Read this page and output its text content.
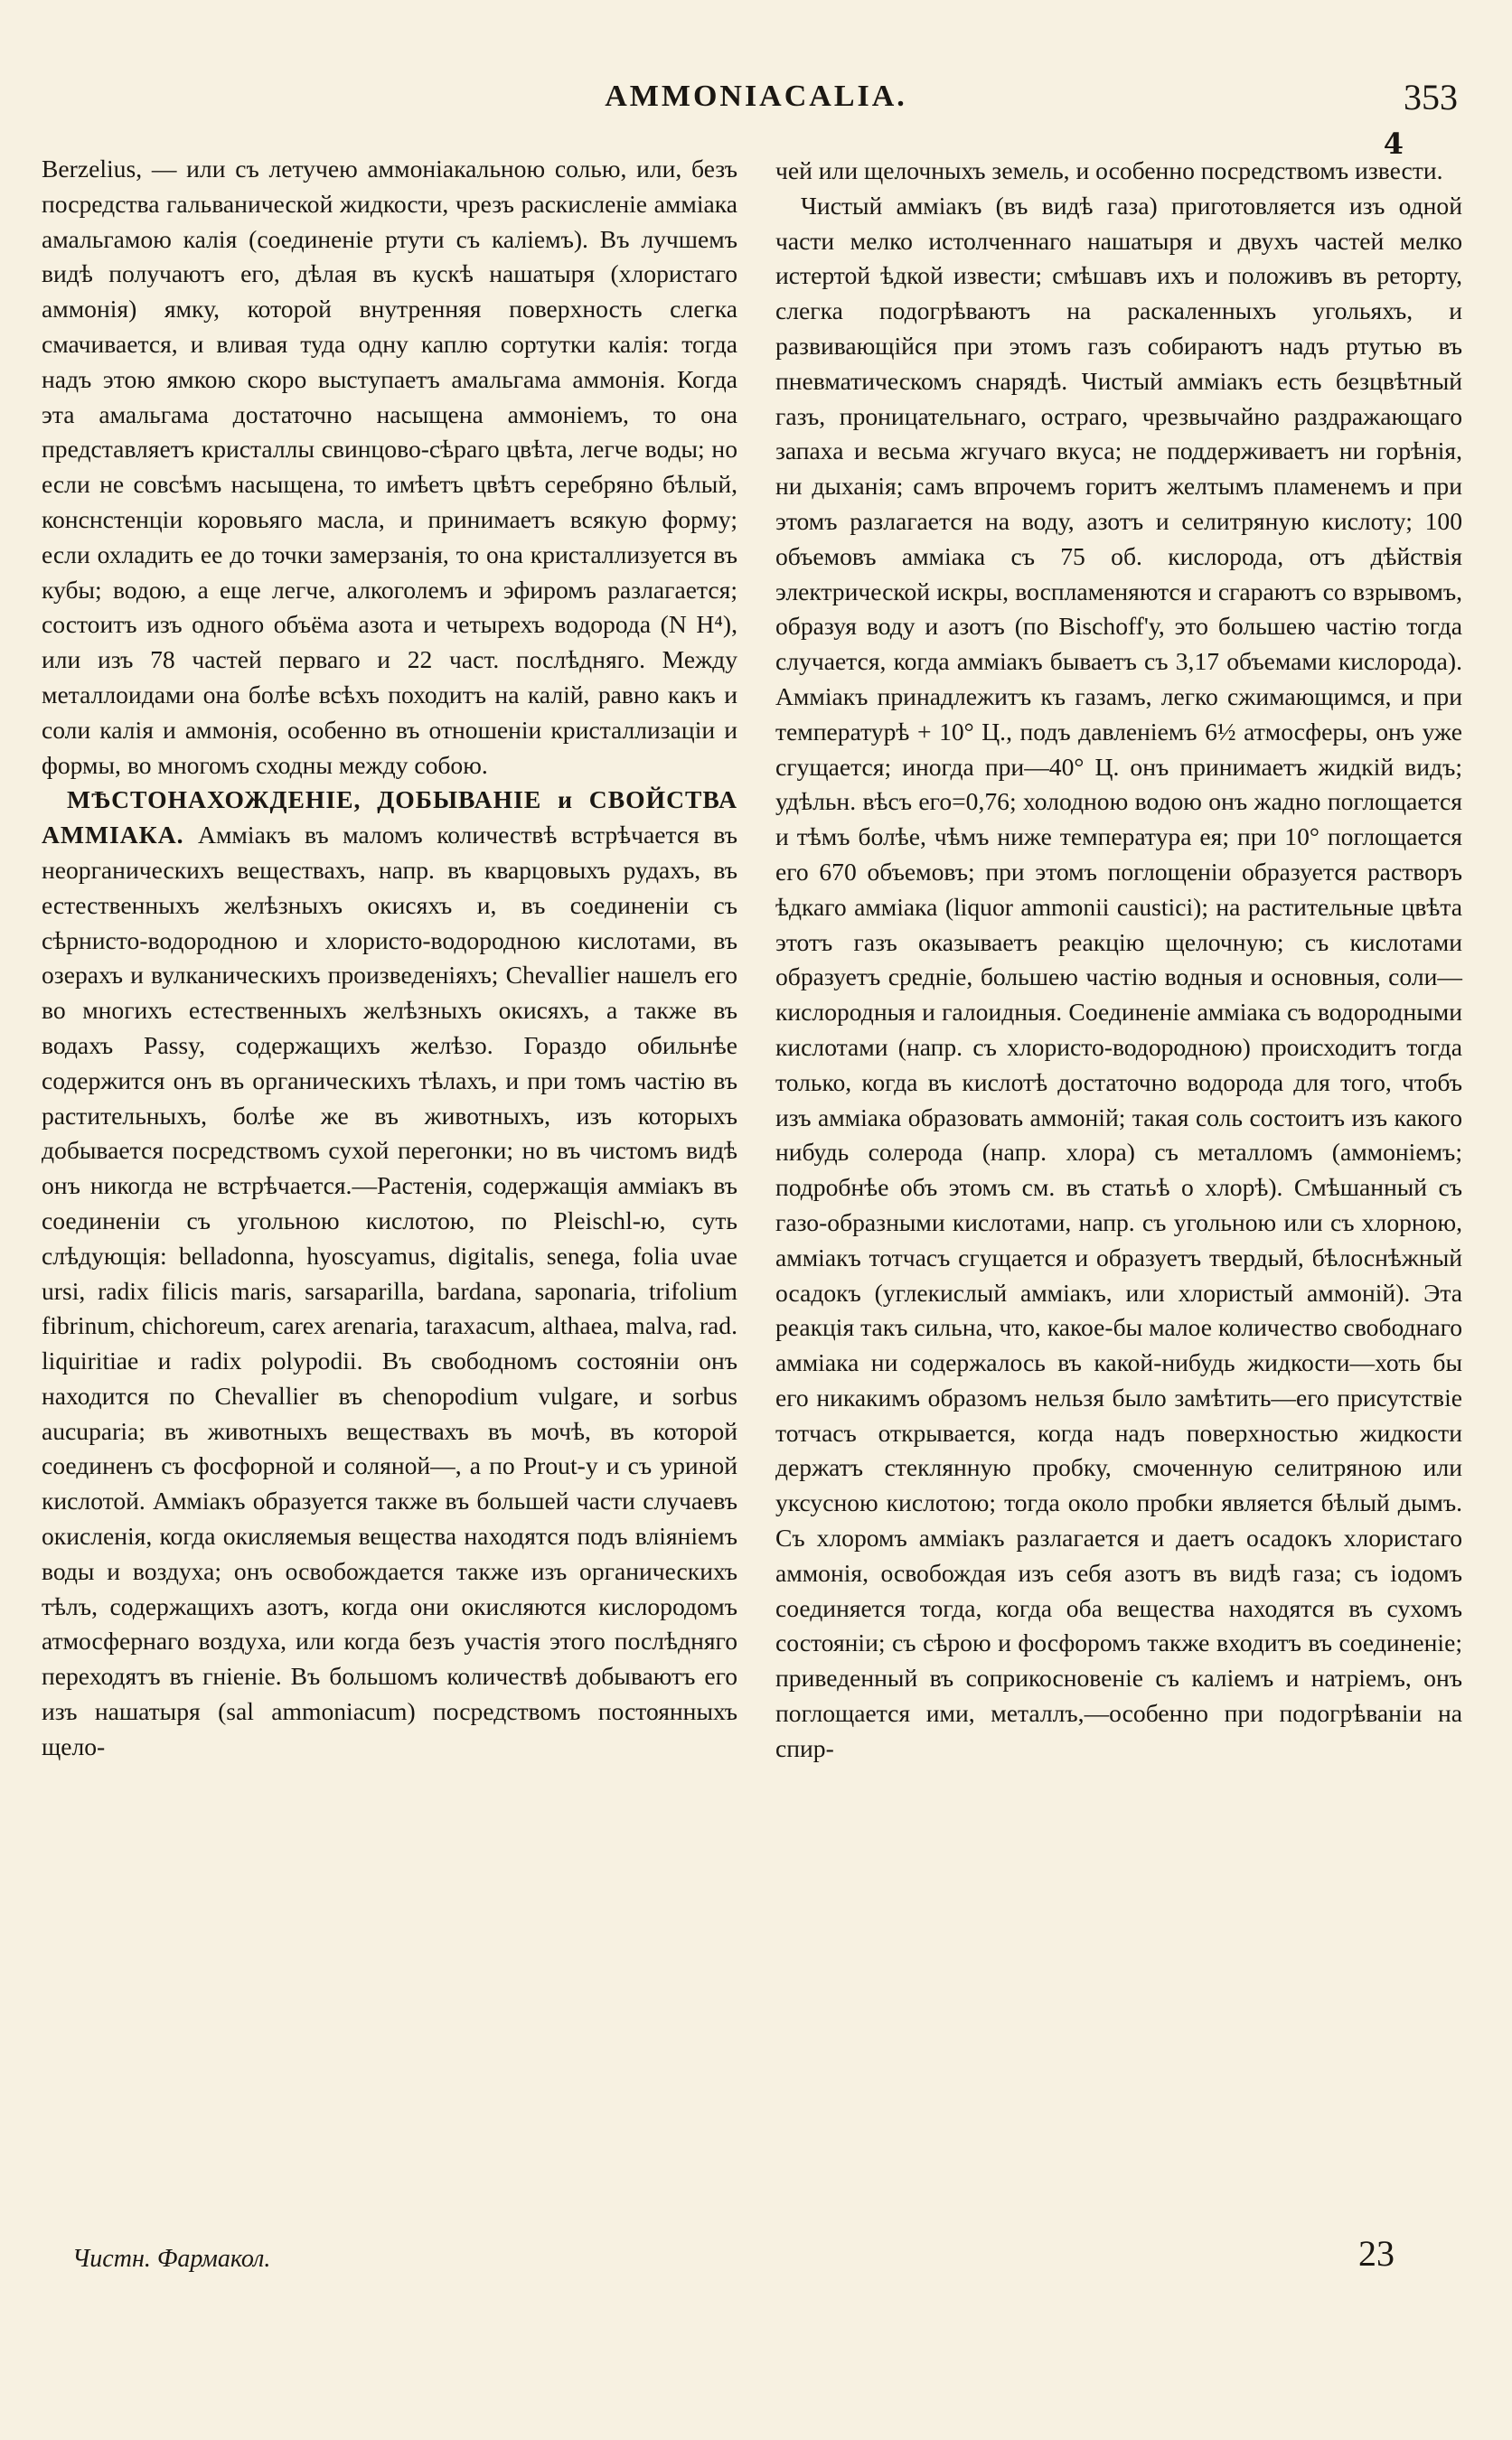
AMMONIACALIA.	353
4

Berzelius, — или съ летучею аммоніакальною солью, или, безъ посредства гальванической жидкости, чрезъ раскисленіе амміака амальгамою калія (соединеніе ртути съ каліемъ). Въ лучшемъ видѣ получаютъ его, дѣлая въ кускѣ нашатыря (хлористаго аммонія) ямку, которой внутренняя поверхность слегка смачивается, и вливая туда одну каплю сортутки калія: тогда надъ этою ямкою скоро выступаетъ амальгама аммонія. Когда эта амальгама достаточно насыщена аммоніемъ, то она представляетъ кристаллы свинцово-сѣраго цвѣта, легче воды; но если не совсѣмъ насыщена, то имѣетъ цвѣтъ серебряно бѣлый, конснстенціи коровьяго масла, и принимаетъ всякую форму; если охладить ее до точки замерзанія, то она кристаллизуется въ кубы; водою, а еще легче, алкоголемъ и эфиромъ разлагается; состоитъ изъ одного объёма азота и четырехъ водорода (N H⁴), или изъ 78 частей перваго и 22 част. послѣдняго. Между металлоидами она болѣе всѣхъ походитъ на калій, равно какъ и соли калія и аммонія, особенно въ отношеніи кристаллизаціи и формы, во многомъ сходны между собою.

МѢСТОНАХОЖДЕНІЕ, ДОБЫВАНІЕ и СВОЙСТВА АММІАКА. Амміакъ въ маломъ количествѣ встрѣчается въ неорганическихъ веществахъ, напр. въ кварцовыхъ рудахъ, въ естественныхъ желѣзныхъ окисяхъ и, въ соединеніи съ сѣрнисто-водородною и хлористо-водородною кислотами, въ озерахъ и вулканическихъ произведеніяхъ; Chevallier нашелъ его во многихъ естественныхъ желѣзныхъ окисяхъ, а также въ водахъ Passy, содержащихъ желѣзо. Гораздо обильнѣе содержится онъ въ органическихъ тѣлахъ, и при томъ частію въ растительныхъ, болѣе же въ животныхъ, изъ которыхъ добывается посредствомъ сухой перегонки; но въ чистомъ видѣ онъ никогда не встрѣчается.—Растенія, содержащія амміакъ въ соединеніи съ угольною кислотою, по Pleischl-ю, суть слѣдующія: belladonna, hyoscyamus, digitalis, senega, folia uvae ursi, radix filicis maris, sarsaparilla, bardana, saponaria, trifolium fibrinum, chichoreum, carex arenaria, taraxacum, althaea, malva, rad. liquiritiae и radix polypodii. Въ свободномъ состояніи онъ находится по Chevallier въ chenopodium vulgare, и sorbus aucuparia; въ животныхъ веществахъ въ мочѣ, въ которой соединенъ съ фосфорной и соляной—, а по Prout-у и съ уриной кислотой. Амміакъ образуется также въ большей части случаевъ окисленія, когда окисляемыя вещества находятся подъ вліяніемъ воды и воздуха; онъ освобождается также изъ органическихъ тѣлъ, содержащихъ азотъ, когда они окисляются кислородомъ атмосфернаго воздуха, или когда безъ участія этого послѣдняго переходятъ въ гніеніе. Въ большомъ количествѣ добываютъ его изъ нашатыря (sal ammoniacum) посредствомъ постоянныхъ щело-

чей или щелочныхъ земель, и особенно посредствомъ извести.

Чистый амміакъ (въ видѣ газа) приготовляется изъ одной части мелко истолченнаго нашатыря и двухъ частей мелко истертой ѣдкой извести; смѣшавъ ихъ и положивъ въ реторту, слегка подогрѣваютъ на раскаленныхъ угольяхъ, и развивающійся при этомъ газъ собираютъ надъ ртутью въ пневматическомъ снарядѣ. Чистый амміакъ есть безцвѣтный газъ, проницательнаго, остраго, чрезвычайно раздражающаго запаха и весьма жгучаго вкуса; не поддерживаетъ ни горѣнія, ни дыханія; самъ впрочемъ горитъ желтымъ пламенемъ и при этомъ разлагается на воду, азотъ и селитряную кислоту; 100 объемовъ амміака съ 75 об. кислорода, отъ дѣйствія электрической искры, воспламеняются и сгараютъ со взрывомъ, образуя воду и азотъ (по Bischoff'у, это большею частію тогда случается, когда амміакъ бываетъ съ 3,17 объемами кислорода). Амміакъ принадлежитъ къ газамъ, легко сжимающимся, и при температурѣ + 10° Ц., подъ давленіемъ 6½ атмосферы, онъ уже сгущается; иногда при—40° Ц. онъ принимаетъ жидкій видъ; удѣльн. вѣсъ его=0,76; холодною водою онъ жадно поглощается и тѣмъ болѣе, чѣмъ ниже температура ея; при 10° поглощается его 670 объемовъ; при этомъ поглощеніи образуется растворъ ѣдкаго амміака (liquor ammonii caustici); на растительные цвѣта этотъ газъ оказываетъ реакцію щелочную; съ кислотами образуетъ средніе, большею частію водныя и основныя, соли—кислородныя и галоидныя. Соединеніе амміака съ водородными кислотами (напр. съ хлористо-водородною) происходитъ тогда только, когда въ кислотѣ достаточно водорода для того, чтобъ изъ амміака образовать аммоній; такая соль состоитъ изъ какого нибудь солерода (напр. хлора) съ металломъ (аммоніемъ; подробнѣе объ этомъ см. въ статьѣ о хлорѣ). Смѣшанный съ газо-образными кислотами, напр. съ угольною или съ хлорною, амміакъ тотчасъ сгущается и образуетъ твердый, бѣлоснѣжный осадокъ (углекислый амміакъ, или хлористый аммоній). Эта реакція такъ сильна, что, какое-бы малое количество свободнаго амміака ни содержалось въ какой-нибудь жидкости—хоть бы его никакимъ образомъ нельзя было замѣтить—его присутствіе тотчасъ открывается, когда надъ поверхностью жидкости держатъ стеклянную пробку, смоченную селитряною или уксусною кислотою; тогда около пробки является бѣлый дымъ. Съ хлоромъ амміакъ разлагается и даетъ осадокъ хлористаго аммонія, освобождая изъ себя азотъ въ видѣ газа; съ іодомъ соединяется тогда, когда оба вещества находятся въ сухомъ состояніи; съ сѣрою и фосфоромъ также входитъ въ соединеніе; приведенный въ соприкосновеніе съ каліемъ и натріемъ, онъ поглощается ими, металлъ,—особенно при подогрѣваніи на спир-

Чистн. Фармакол.	23
